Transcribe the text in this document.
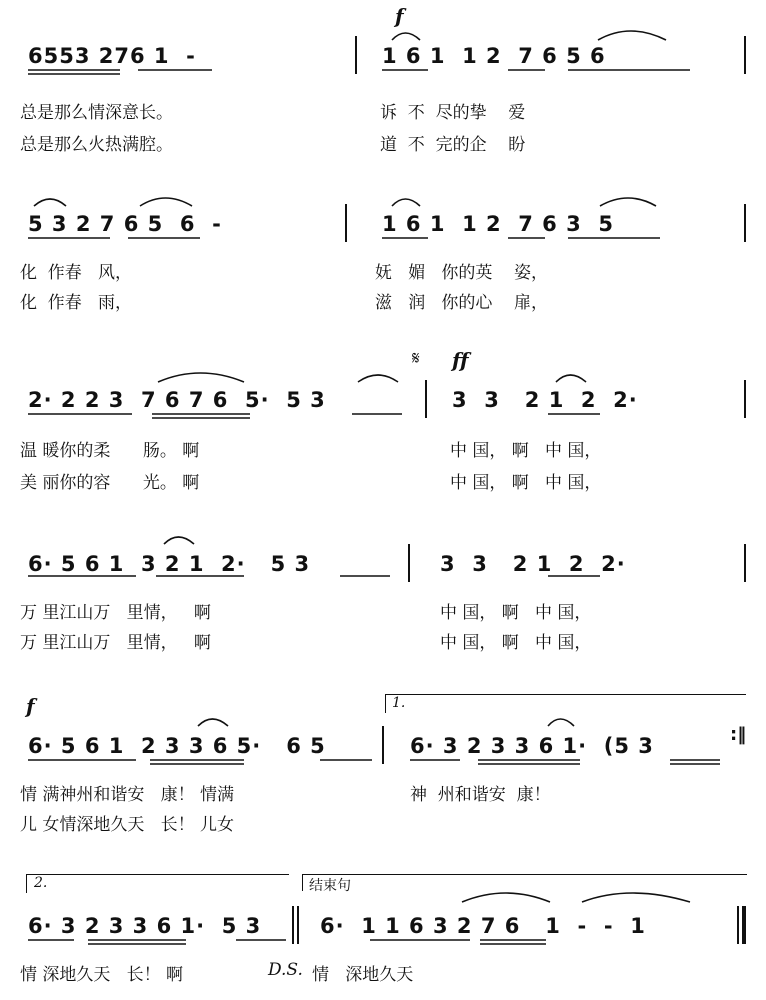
f
6553 276 1  -	1 6 1  1 2  7 6 5 6
总是那么情深意长。	诉  不  尽的挚    爱
总是那么火热满腔。	道  不  完的企    盼
5 3 2 7 6 5  6  -	1 6 1  1 2  7 6 3  5
化  作春   风，	妩   媚   你的英    姿，
化  作春   雨，	滋   润   你的心    扉，
𝄋 ff
2· 2 2 3  7 6 7 6  5·  5 3	3  3   2 1  2  2·
温 暖你的柔      肠。 啊	中 国， 啊   中 国，
美 丽你的容      光。 啊	中 国， 啊   中 国，
6· 5 6 1  3 2 1  2·   5 3	3  3   2 1  2  2·
万 里江山万   里情，   啊	中 国， 啊   中 国，
万 里江山万   里情，   啊	中 国， 啊   中 国，
f	1.
6· 5 6 1  2 3 3 6 5·   6 5	6· 3 2 3 3 6 1·  (5 3	:‖
情 满神州和谐安   康！ 情满	神  州和谐安  康！
儿 女情深地久天   长！ 儿女
2.	结束句
6· 3 2 3 3 6 1·  5 3	6·  1 1 6 3 2 7 6   1  -  -  1
情 深地久天   长！ 啊	D.S. 情   深地久天
